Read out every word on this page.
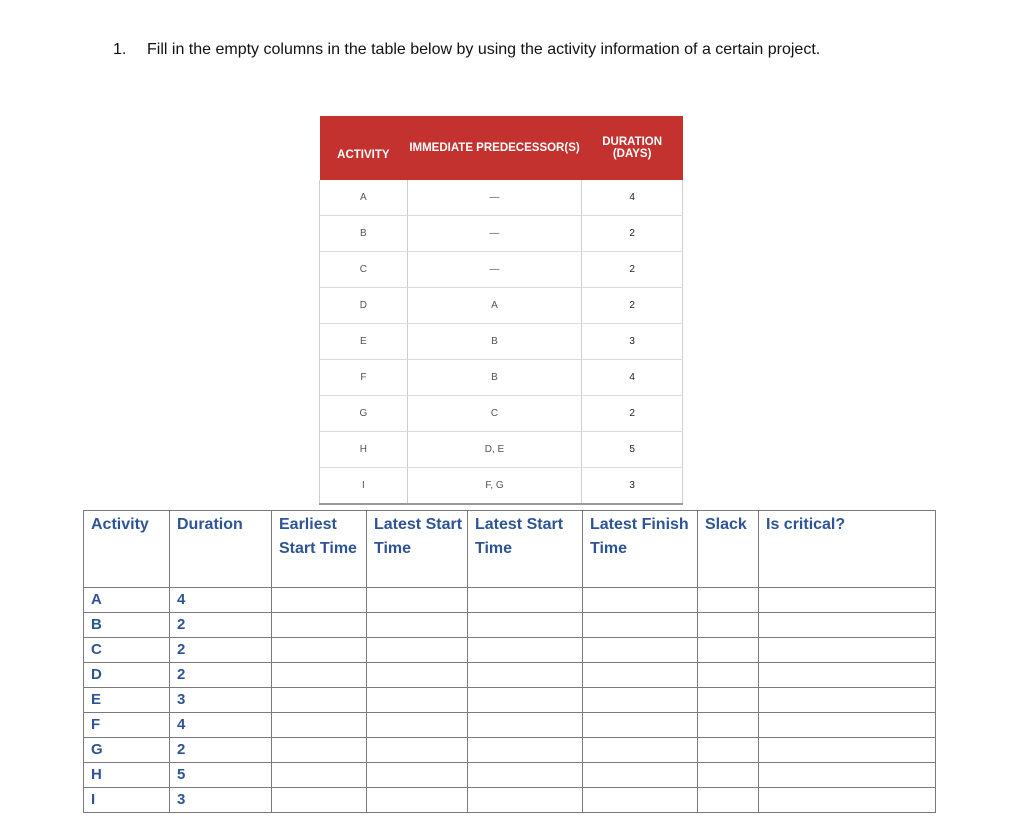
1. Fill in the empty columns in the table below by using the activity information of a certain project.
ACTIVITY	IMMEDIATE PREDECESSOR(S)	DURATION (DAYS)
A	—	4
B	—	2
C	—	2
D	A	2
E	B	3
F	B	4
G	C	2
H	D, E	5
I	F, G	3
Activity	Duration	Earliest Start Time	Latest Start Time	Latest Start Time	Latest Finish Time	Slack	Is critical?
A	4						
B	2						
C	2						
D	2						
E	3						
F	4						
G	2						
H	5						
I	3						
